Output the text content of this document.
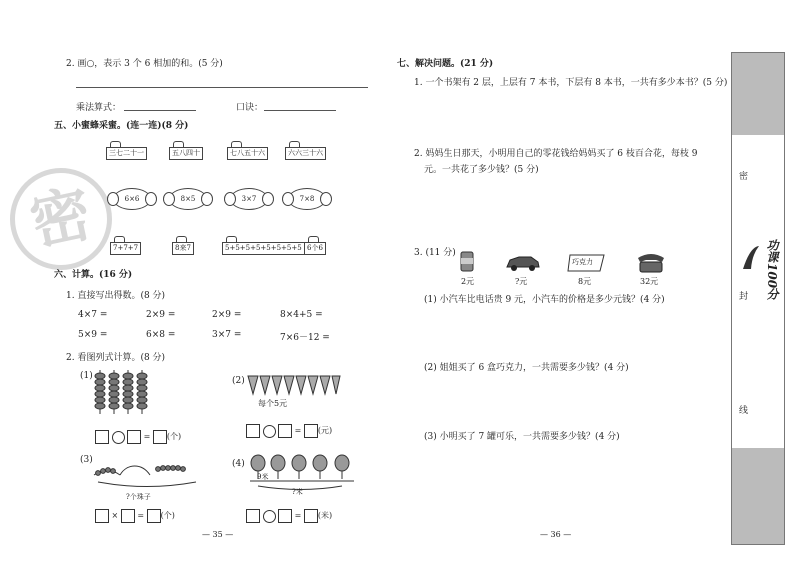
密
2. 画○，表示 3 个 6 相加的和。(5 分)
乘法算式：	口诀：
五、小蜜蜂采蜜。(连一连)(8 分)
三七二十一	五八四十	七八五十六	六六三十六
6×6	8×5	3×7	7×8
7+7+7	8来7	5+5+5+5+5+5+5+5 6个6
六、计算。(16 分)
1. 直接写出得数。(8 分)
4×7 =	2×9 =	2×9 =	8×4+5 =
5×9 =	6×8 =	3×7 =	7×6－12 =
2. 看图列式计算。(8 分)
(1)
= (个)
(2)
每个5元
= (元)
(3)
?个珠子
× = (个)
(4)
9米
?米
= (米)
— 35 —
七、解决问题。(21 分)
1. 一个书架有 2 层，上层有 7 本书，下层有 8 本书，一共有多少本书？(5 分)
2. 妈妈生日那天，小明用自己的零花钱给妈妈买了 6 枝百合花，每枝 9
元。一共花了多少钱？(5 分)
3. (11 分)
2元	?元
巧克力
8元	32元
(1) 小汽车比电话贵 9 元，小汽车的价格是多少元钱？(4 分)
(2) 姐姐买了 6 盒巧克力，一共需要多少钱？(4 分)
(3) 小明买了 7 罐可乐，一共需要多少钱？(4 分)
— 36 —
功课100分
密
封
线
